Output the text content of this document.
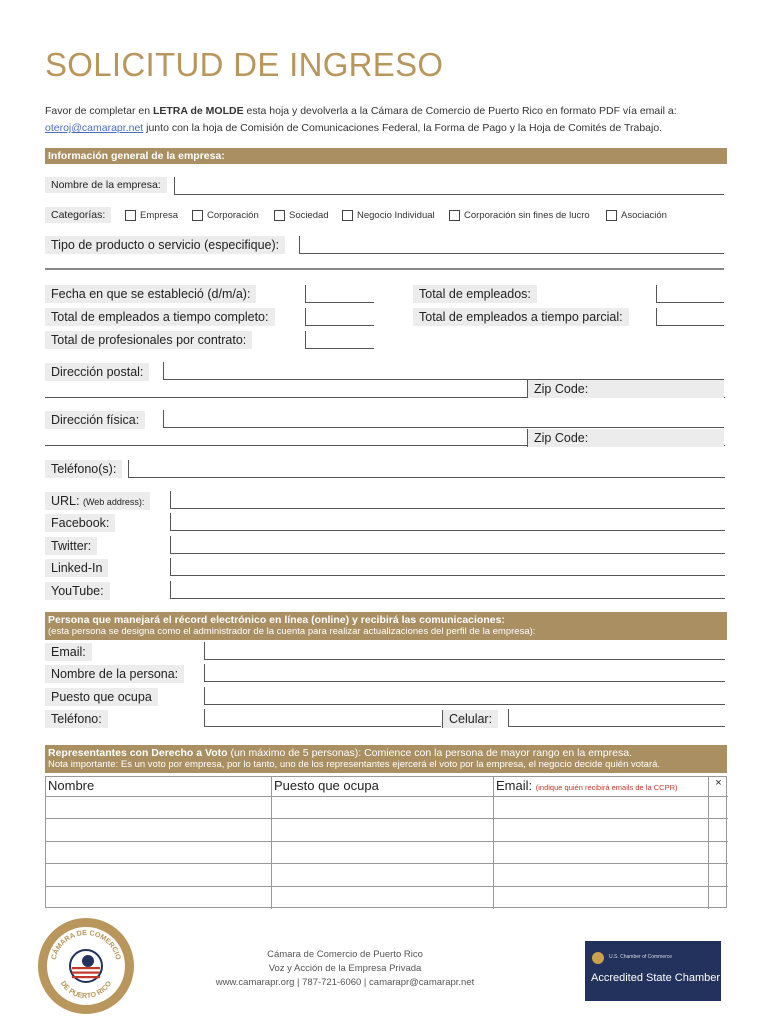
SOLICITUD DE INGRESO
Favor de completar en LETRA de MOLDE esta hoja y devolverla a la Cámara de Comercio de Puerto Rico en formato PDF vía email a: oteroj@camarapr.net junto con la hoja de Comisión de Comunicaciones Federal, la Forma de Pago y la Hoja de Comités de Trabajo.
Información general de la empresa:
Nombre de la empresa:
Categorías:	Empresa	Corporación	Sociedad	Negocio Individual	Corporación sin fines de lucro	Asociación
Tipo de producto o servicio (especifique):
Fecha en que se estableció (d/m/a):	Total de empleados:
Total de empleados a tiempo completo:	Total de empleados a tiempo parcial:
Total de profesionales por contrato:
Dirección postal:
Zip Code:
Dirección física:
Zip Code:
Teléfono(s):
URL: (Web address):
Facebook:
Twitter:
Linked-In
YouTube:
Persona que manejará el récord electrónico en línea (online) y recibirá las comunicaciones:
(esta persona se designa como el administrador de la cuenta para realizar actualizaciones del perfil de la empresa):
Email:
Nombre de la persona:
Puesto que ocupa
Teléfono:	Celular:
Representantes con Derecho a Voto (un máximo de 5 personas): Comience con la persona de mayor rango en la empresa.
Nota importante: Es un voto por empresa, por lo tanto, uno de los representantes ejercerá el voto por la empresa, el negocio decide quién votará.
Nombre	Puesto que ocupa	Email: (indique quién recibirá emails de la CCPR)	×
CÁMARA DE COMERCIO
DE PUERTO RICO
Cámara de Comercio de Puerto Rico
Voz y Acción de la Empresa Privada
www.camarapr.org | 787-721-6060 | camarapr@camarapr.net
U.S. Chamber of Commerce
Accredited State Chamber
